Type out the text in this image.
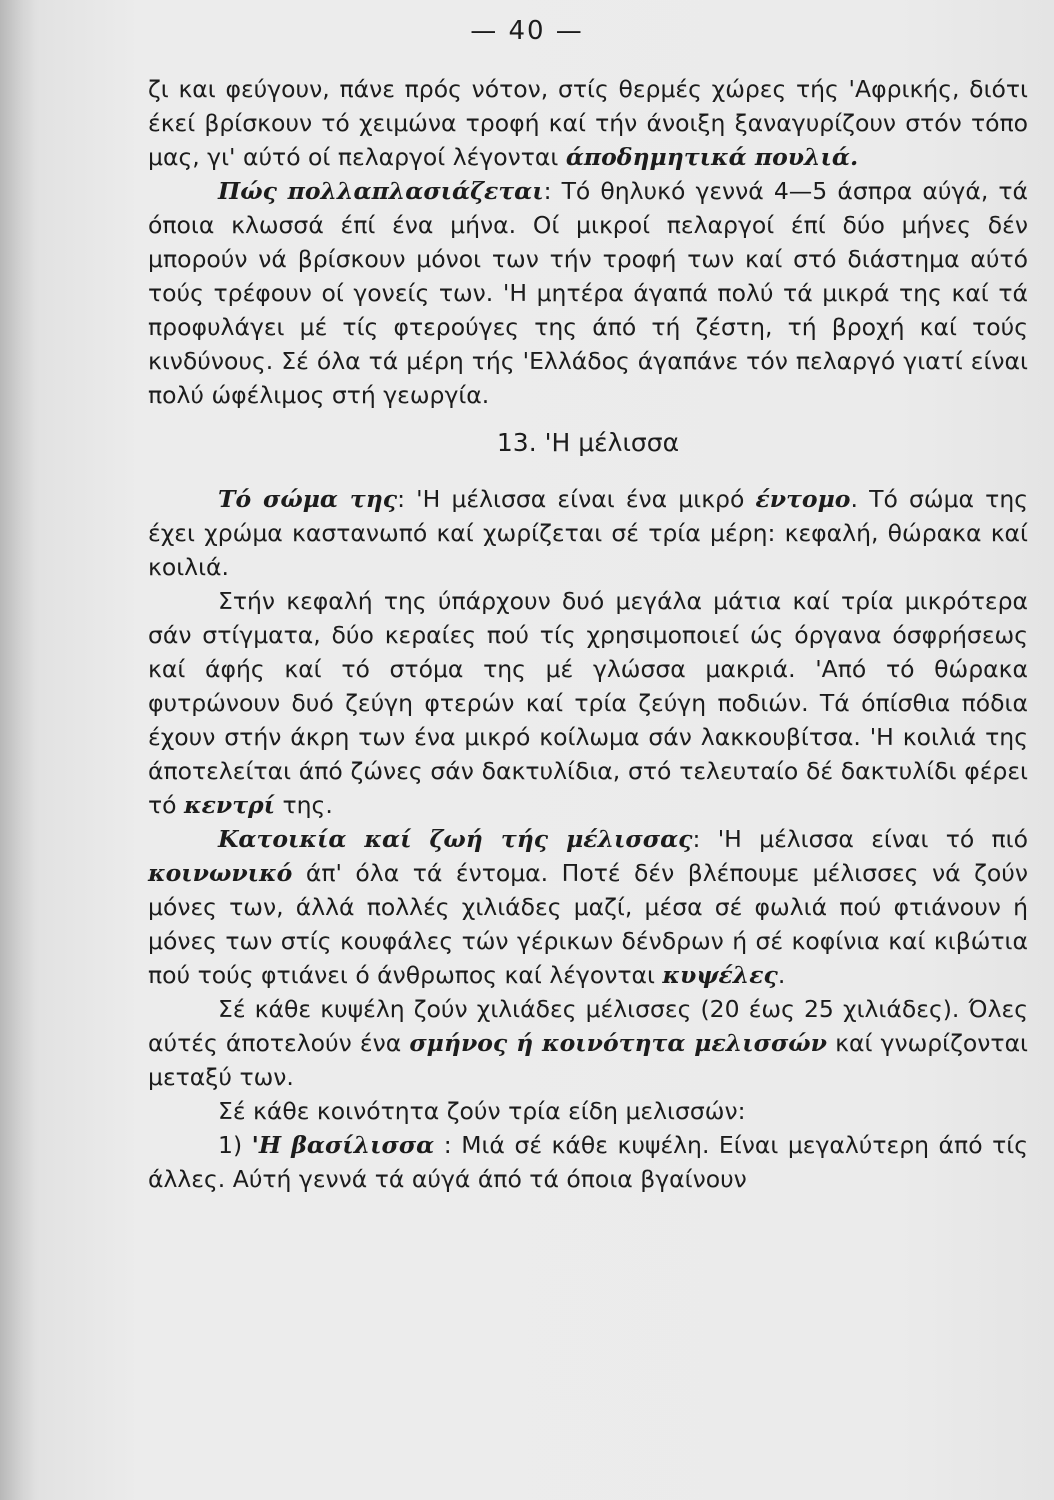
— 40 —

ζι και φεύγουν, πάνε πρός νότον, στίς θερμές χώρες τής 'Αφρικής, διότι έκεί βρίσκουν τό χειμώνα τροφή καί τήν άνοιξη ξαναγυρίζουν στόν τόπο μας, γι' αύτό οί πελαργοί λέγονται άποδημητικά πουλιά.

Πώς πολλαπλασιάζεται: Τό θηλυκό γεννά 4—5 άσπρα αύγά, τά όποια κλωσσά έπί ένα μήνα. Οί μικροί πελαργοί έπί δύο μήνες δέν μπορούν νά βρίσκουν μόνοι των τήν τροφή των καί στό διάστημα αύτό τούς τρέφουν οί γονείς των. 'Η μητέρα άγαπά πολύ τά μικρά της καί τά προφυλάγει μέ τίς φτερούγες της άπό τή ζέστη, τή βροχή καί τούς κινδύνους. Σέ όλα τά μέρη τής 'Ελλάδος άγαπάνε τόν πελαργό γιατί είναι πολύ ώφέλιμος στή γεωργία.

13. 'Η μέλισσα

Τό σώμα της: 'Η μέλισσα είναι ένα μικρό έντομο. Τό σώμα της έχει χρώμα καστανωπό καί χωρίζεται σέ τρία μέρη: κεφαλή, θώρακα καί κοιλιά.

Στήν κεφαλή της ύπάρχουν δυό μεγάλα μάτια καί τρία μικρότερα σάν στίγματα, δύο κεραίες πού τίς χρησιμοποιεί ώς όργανα όσφρήσεως καί άφής καί τό στόμα της μέ γλώσσα μακριά. 'Από τό θώρακα φυτρώνουν δυό ζεύγη φτερών καί τρία ζεύγη ποδιών. Τά όπίσθια πόδια έχουν στήν άκρη των ένα μικρό κοίλωμα σάν λακκουβίτσα. 'Η κοιλιά της άποτελείται άπό ζώνες σάν δακτυλίδια, στό τελευταίο δέ δακτυλίδι φέρει τό κεντρί της.

Κατοικία καί ζωή τής μέλισσας: 'Η μέλισσα είναι τό πιό κοινωνικό άπ' όλα τά έντομα. Ποτέ δέν βλέπουμε μέλισσες νά ζούν μόνες των, άλλά πολλές χιλιάδες μαζί, μέσα σέ φωλιά πού φτιάνουν ή μόνες των στίς κουφάλες τών γέρικων δένδρων ή σέ κοφίνια καί κιβώτια πού τούς φτιάνει ό άνθρωπος καί λέγονται κυψέλες.

Σέ κάθε κυψέλη ζούν χιλιάδες μέλισσες (20 έως 25 χιλιάδες). Όλες αύτές άποτελούν ένα σμήνος ή κοινότητα μελισσών καί γνωρίζονται μεταξύ των.

Σέ κάθε κοινότητα ζούν τρία είδη μελισσών:

1) 'Η βασίλισσα : Μιά σέ κάθε κυψέλη. Είναι μεγαλύτερη άπό τίς άλλες. Αύτή γεννά τά αύγά άπό τά όποια βγαίνουν
